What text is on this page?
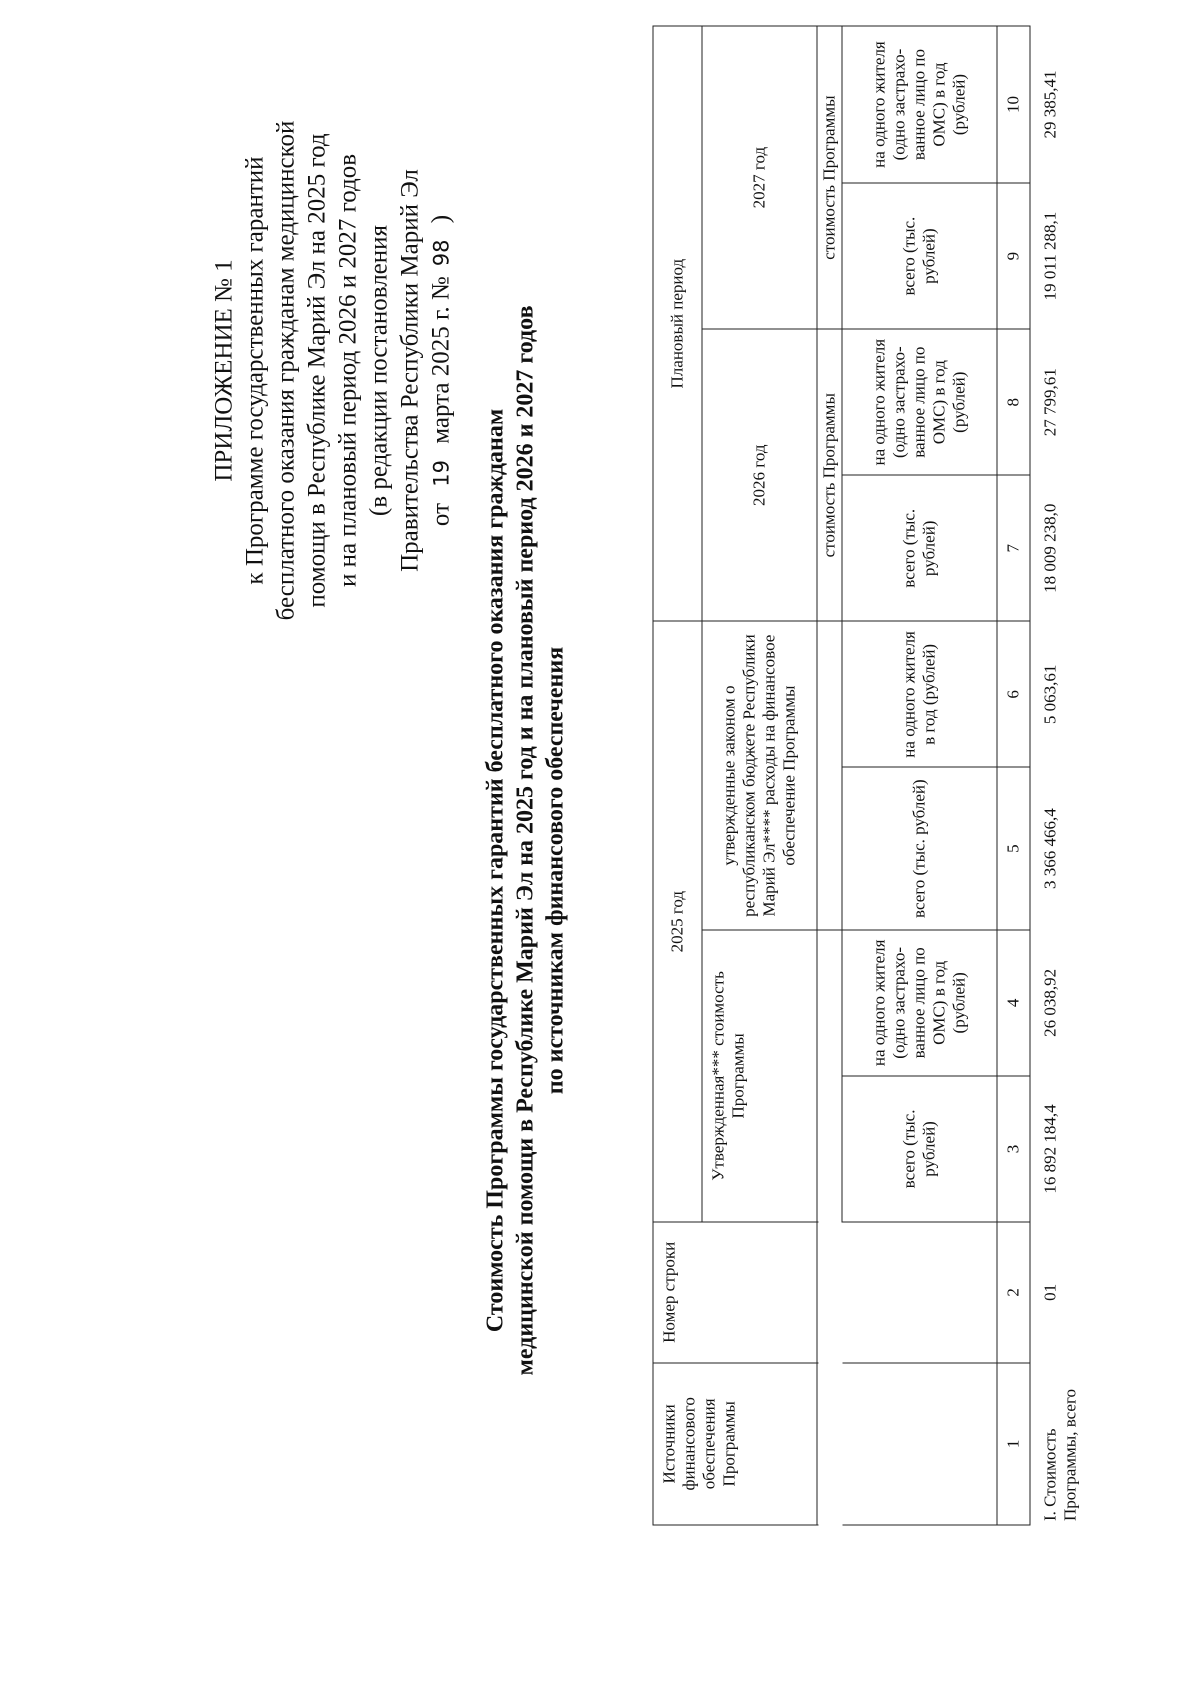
ПРИЛОЖЕНИЕ № 1 к Программе государственных гарантий бесплатного оказания гражданам медицинской помощи в Республике Марий Эл на 2025 год и на плановый период 2026 и 2027 годов (в редакции постановления Правительства Республики Марий Эл от 19 марта 2025 г. №98 )
Стоимость Программы государственных гарантий бесплатного оказания гражданам медицинской помощи в Республике Марий Эл на 2025 год и на плановый период 2026 и 2027 годов по источникам финансового обеспечения
Источники финансового обеспечения Программы	Номер строки	2025 год				Плановый период			
		Утвержденная*** стоимость Программы		утвержденные законом о республиканском бюджете Республики Марий Эл**** расходы на финансовое обеспечение Программы		2026 год		2027 год	

						стоимость Программы		стоимость Программы	
		всего (тыс. рублей)	на одного жителя (одно застрахо-ванное лицо по ОМС) в год (рублей)	всего (тыс. рублей)	на одного жителя в год (рублей)	всего (тыс. рублей)	на одного жителя (одно застрахо-ванное лицо по ОМС) в год (рублей)	всего (тыс. рублей)	на одного жителя (одно застрахо-ванное лицо по ОМС) в год (рублей)
1	2	3	4	5	6	7	8	9	10
I. Стоимость Программы, всего	01	16 892 184,4	26 038,92	3 366 466,4	5 063,61	18 009 238,0	27 799,61	19 011 288,1	29 385,41
